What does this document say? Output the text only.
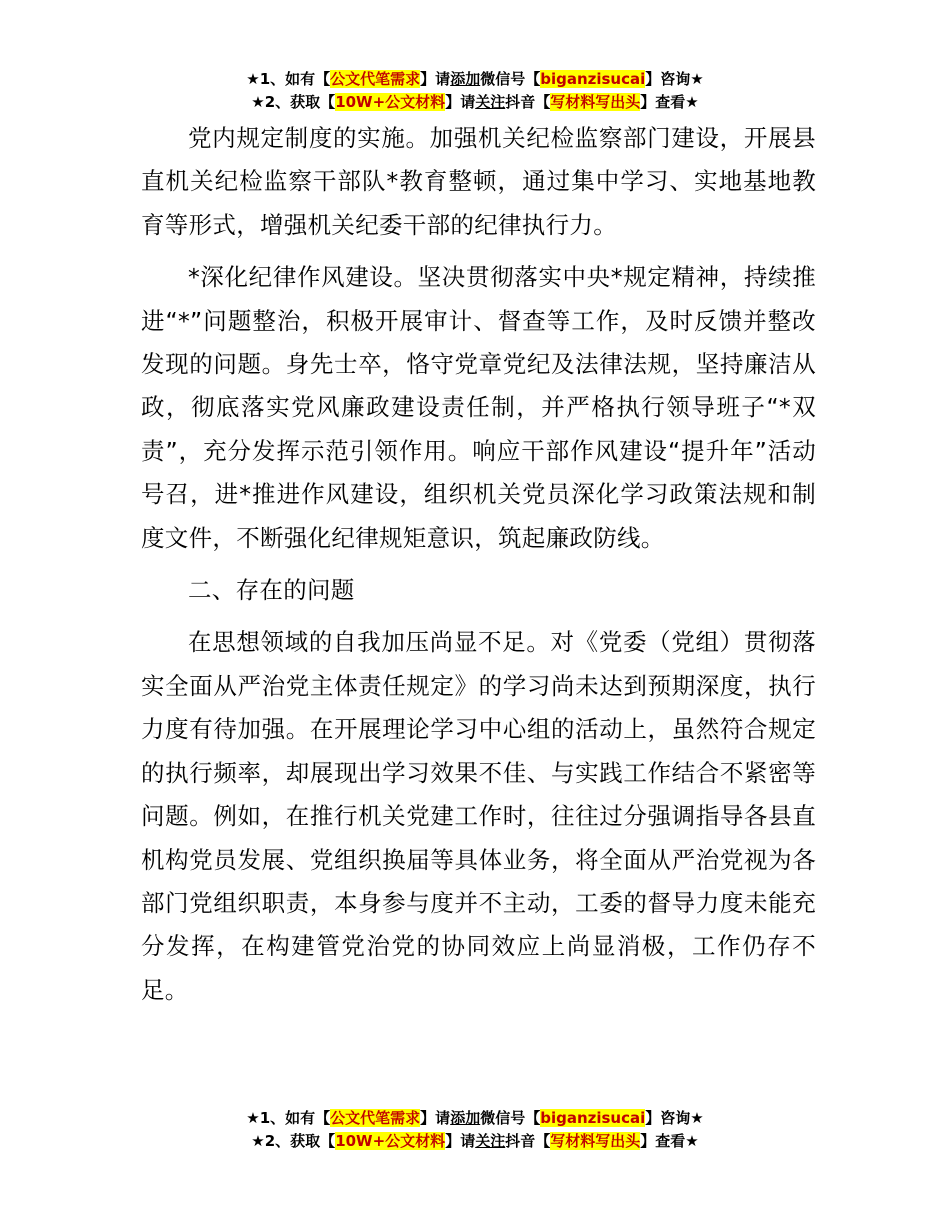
★1、如有【公文代笔需求】请添加微信号【biganzisucai】咨询★
★2、获取【10W+公文材料】请关注抖音【写材料写出头】查看★

党内规定制度的实施。加强机关纪检监察部门建设，开展县直机关纪检监察干部队*教育整顿，通过集中学习、实地基地教育等形式，增强机关纪委干部的纪律执行力。

*深化纪律作风建设。坚决贯彻落实中央*规定精神，持续推进“*”问题整治，积极开展审计、督查等工作，及时反馈并整改发现的问题。身先士卒，恪守党章党纪及法律法规，坚持廉洁从政，彻底落实党风廉政建设责任制，并严格执行领导班子“*双责”，充分发挥示范引领作用。响应干部作风建设“提升年”活动号召，进*推进作风建设，组织机关党员深化学习政策法规和制度文件，不断强化纪律规矩意识，筑起廉政防线。

二、存在的问题

在思想领域的自我加压尚显不足。对《党委（党组）贯彻落实全面从严治党主体责任规定》的学习尚未达到预期深度，执行力度有待加强。在开展理论学习中心组的活动上，虽然符合规定的执行频率，却展现出学习效果不佳、与实践工作结合不紧密等问题。例如，在推行机关党建工作时，往往过分强调指导各县直机构党员发展、党组织换届等具体业务，将全面从严治党视为各部门党组织职责，本身参与度并不主动，工委的督导力度未能充分发挥，在构建管党治党的协同效应上尚显消极，工作仍存不足。

★1、如有【公文代笔需求】请添加微信号【biganzisucai】咨询★
★2、获取【10W+公文材料】请关注抖音【写材料写出头】查看★
